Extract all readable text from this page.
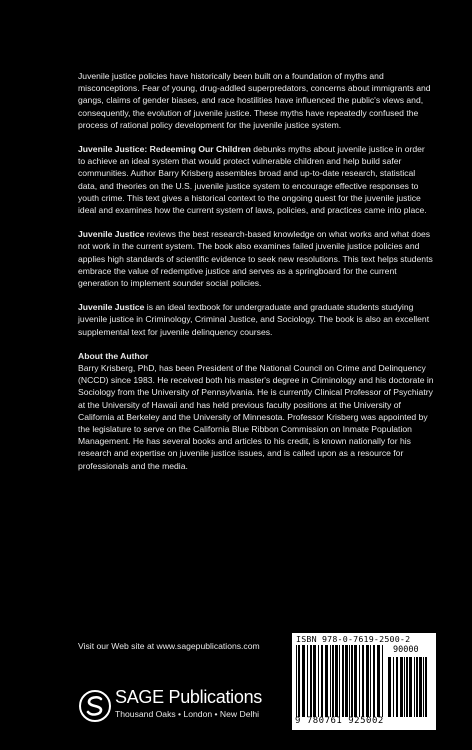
Juvenile justice policies have historically been built on a foundation of myths and misconceptions. Fear of young, drug-addled superpredators, concerns about immigrants and gangs, claims of gender biases, and race hostilities have influenced the public's views and, consequently, the evolution of juvenile justice. These myths have repeatedly confused the process of rational policy development for the juvenile justice system.

Juvenile Justice: Redeeming Our Children debunks myths about juvenile justice in order to achieve an ideal system that would protect vulnerable children and help build safer communities. Author Barry Krisberg assembles broad and up-to-date research, statistical data, and theories on the U.S. juvenile justice system to encourage effective responses to youth crime. This text gives a historical context to the ongoing quest for the juvenile justice ideal and examines how the current system of laws, policies, and practices came into place.

Juvenile Justice reviews the best research-based knowledge on what works and what does not work in the current system. The book also examines failed juvenile justice policies and applies high standards of scientific evidence to seek new resolutions. This text helps students embrace the value of redemptive justice and serves as a springboard for the current generation to implement sounder social policies.

Juvenile Justice is an ideal textbook for undergraduate and graduate students studying juvenile justice in Criminology, Criminal Justice, and Sociology. The book is also an excellent supplemental text for juvenile delinquency courses.

About the Author
Barry Krisberg, PhD, has been President of the National Council on Crime and Delinquency (NCCD) since 1983. He received both his master's degree in Criminology and his doctorate in Sociology from the University of Pennsylvania. He is currently Clinical Professor of Psychiatry at the University of Hawaii and has held previous faculty positions at the University of California at Berkeley and the University of Minnesota. Professor Krisberg was appointed by the legislature to serve on the California Blue Ribbon Commission on Inmate Population Management. He has several books and articles to his credit, is known nationally for his research and expertise on juvenile justice issues, and is called upon as a resource for professionals and the media.
Visit our Web site at www.sagepublications.com
ISBN 978-0-7619-2500-2
90000
9 780761 925002
SAGE Publications
Thousand Oaks • London • New Delhi
